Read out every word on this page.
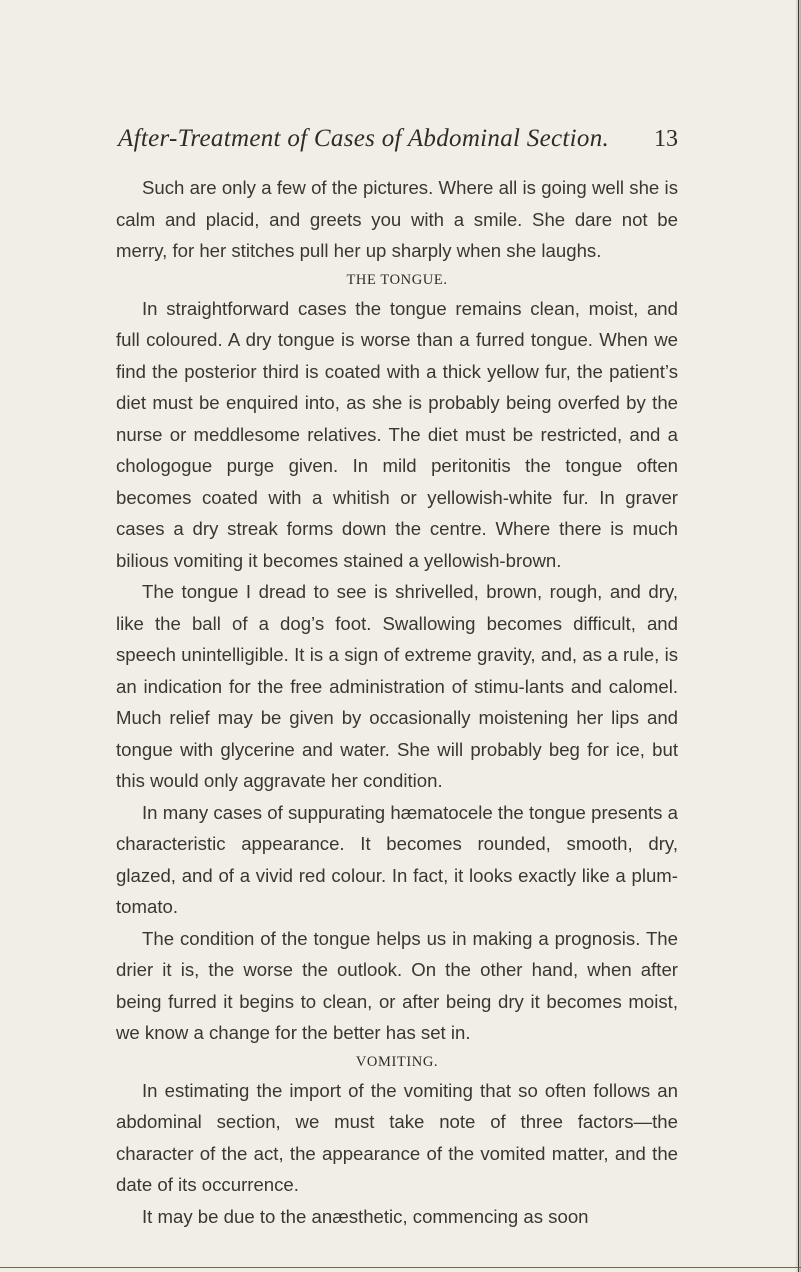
After-Treatment of Cases of Abdominal Section. 13

Such are only a few of the pictures. Where all is going well she is calm and placid, and greets you with a smile. She dare not be merry, for her stitches pull her up sharply when she laughs.

THE TONGUE.

In straightforward cases the tongue remains clean, moist, and full coloured. A dry tongue is worse than a furred tongue. When we find the posterior third is coated with a thick yellow fur, the patient’s diet must be enquired into, as she is probably being overfed by the nurse or meddlesome relatives. The diet must be restricted, and a chologogue purge given. In mild peritonitis the tongue often becomes coated with a whitish or yellowish-white fur. In graver cases a dry streak forms down the centre. Where there is much bilious vomiting it becomes stained a yellowish-brown.

The tongue I dread to see is shrivelled, brown, rough, and dry, like the ball of a dog’s foot. Swallowing becomes difficult, and speech unintelligible. It is a sign of extreme gravity, and, as a rule, is an indication for the free administration of stimu-lants and calomel. Much relief may be given by occasionally moistening her lips and tongue with glycerine and water. She will probably beg for ice, but this would only aggravate her condition.

In many cases of suppurating hæmatocele the tongue presents a characteristic appearance. It becomes rounded, smooth, dry, glazed, and of a vivid red colour. In fact, it looks exactly like a plum-tomato.

The condition of the tongue helps us in making a prognosis. The drier it is, the worse the outlook. On the other hand, when after being furred it begins to clean, or after being dry it becomes moist, we know a change for the better has set in.

VOMITING.

In estimating the import of the vomiting that so often follows an abdominal section, we must take note of three factors—the character of the act, the appearance of the vomited matter, and the date of its occurrence.

It may be due to the anæsthetic, commencing as soon
